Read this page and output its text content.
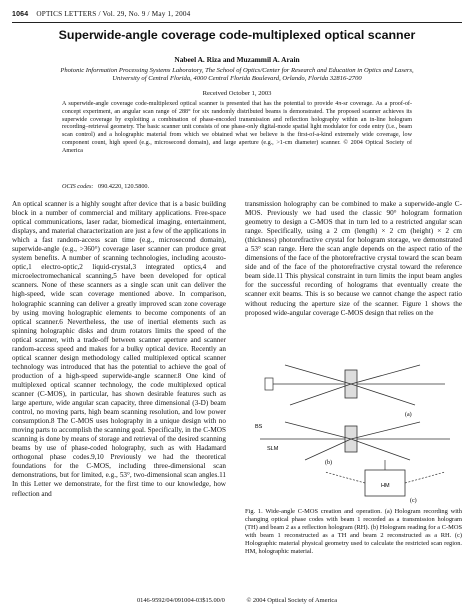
1064 OPTICS LETTERS / Vol. 29, No. 9 / May 1, 2004
Superwide-angle coverage code-multiplexed optical scanner
Nabeel A. Riza and Muzammil A. Arain
Photonic Information Processing Systems Laboratory, The School of Optics/Center for Research and Education in Optics and Lasers, University of Central Florida, 4000 Central Florida Boulevard, Orlando, Florida 32816-2700
Received October 1, 2003
A superwide-angle coverage code-multiplexed optical scanner is presented that has the potential to provide 4π-sr coverage. As a proof-of-concept experiment, an angular scan range of 288° for six randomly distributed beams is demonstrated. The proposed scanner achieves its superwide coverage by exploiting a combination of phase-encoded transmission and reflection holography within an in-line hologram recording–retrieval geometry. The basic scanner unit consists of one phase-only digital-mode spatial light modulator for code entry (i.e., beam scan control) and a holographic material from which we obtained what we believe is the first-of-a-kind extremely wide coverage, low component count, high speed (e.g., microsecond domain), and large aperture (e.g., >1-cm diameter) scanner. © 2004 Optical Society of America
OCIS codes: 090.4220, 120.5800.
An optical scanner is a highly sought after device that is a basic building block in a number of commercial and military applications. Free-space optical communications, laser radar, biomedical imaging, entertainment, displays, and material characterization are just a few of the applications in which a fast random-access scan time (e.g., microsecond domain), superwide-angle (e.g., >360°) coverage laser scanner can produce great system benefits. A number of scanning technologies, including acousto-optic,1 electro-optic,2 liquid-crystal,3 integrated optics,4 and microelectromechanical scanning,5 have been developed for optical scanners. None of these scanners as a single scan unit can deliver the high-speed, wide scan coverage mentioned above. In comparison, holographic scanning can deliver a greatly improved scan zone coverage by using moving holographic elements to become components of an optical scanner.6 Nevertheless, the use of inertial elements such as spinning holographic disks and drum rotators limits the speed of the optical scanner, with a trade-off between scanner aperture and scanner random-access speed and makes for a bulky optical device. Recently an optical scanner design methodology called multiplexed optical scanner technology was introduced that has the potential to achieve the goal of production of a high-speed superwide-angle scanner.8 One kind of multiplexed optical scanner technology, the code multiplexed optical scanner (C-MOS), in particular, has shown desirable features such as large aperture, wide angular scan capacity, three dimensional (3-D) beam control, no moving parts, high beam scanning resolution, and low power consumption.8 The C-MOS uses holography in a unique design with no moving parts to accomplish the scanning goal. Specifically, in the C-MOS scanning is done by means of storage and retrieval of the desired scanning beams by use of phase-coded holography, such as with Hadamard orthogonal phase codes.9,10 Previously we had the theoretical foundations for the C-MOS, including three-dimensional scan demonstrations, but for limited, e.g., 53°, two-dimensional scan angles.11 In this Letter we demonstrate, for the first time to our knowledge, how reflection and
transmission holography can be combined to make a superwide-angle C-MOS. Previously we had used the classic 90° hologram formation geometry to design a C-MOS that in turn led to a restricted angular scan range. Specifically, using a 2 cm (length) × 2 cm (height) × 2 cm (thickness) photorefractive crystal for hologram storage, we demonstrated a 53° scan range. Here the scan angle depends on the aspect ratio of the dimensions of the face of the photorefractive crystal toward the scan beam side and of the face of the photorefractive crystal toward the reference beam side.11 This physical constraint in turn limits the input beam angles for the successful recording of holograms that eventually create the scanner exit beams. This is so because we cannot change the aspect ratio without reducing the aperture size of the scanner. Figure 1 shows the proposed wide-angular coverage C-MOS design that relies on the
(a)
BS
SLM
(b)
HM
(c)
Fig. 1. Wide-angle C-MOS creation and operation. (a) Hologram recording with changing optical phase codes with beam 1 recorded as a transmission hologram (TH) and beam 2 as a reflection hologram (RH). (b) Hologram reading for a C-MOS with beam 1 reconstructed as a TH and beam 2 reconstructed as a RH. (c) Holographic material physical geometry used to calculate the restricted scan region. HM, holographic material.
0146-9592/04/091004-03$15.00/0	© 2004 Optical Society of America
